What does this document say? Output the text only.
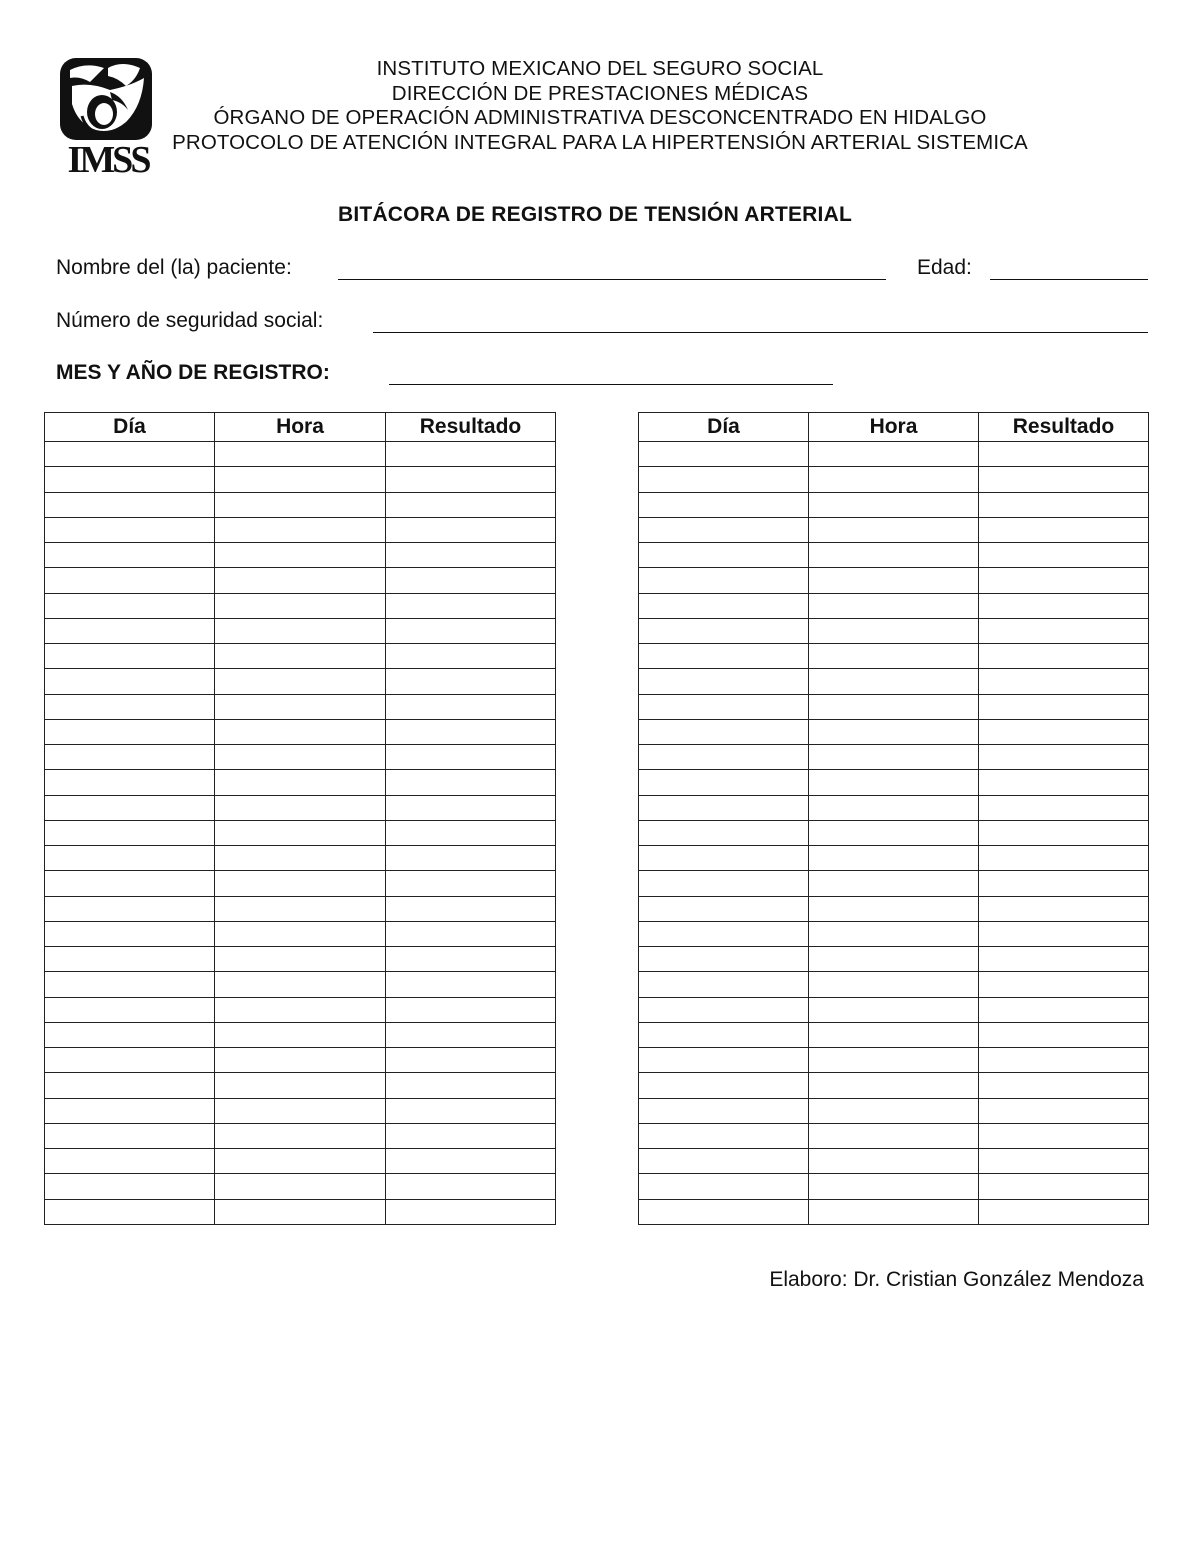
IMSS
INSTITUTO MEXICANO DEL SEGURO SOCIAL
DIRECCIÓN DE PRESTACIONES MÉDICAS
ÓRGANO DE OPERACIÓN ADMINISTRATIVA DESCONCENTRADO EN HIDALGO
PROTOCOLO DE ATENCIÓN INTEGRAL PARA LA HIPERTENSIÓN ARTERIAL SISTEMICA
BITÁCORA DE REGISTRO DE TENSIÓN ARTERIAL
Nombre del (la) paciente:	Edad:
Número de seguridad social:
MES Y AÑO DE REGISTRO:
Día	Hora	Resultado

			Día	Hora	Resultado

Elaboro: Dr. Cristian González Mendoza
